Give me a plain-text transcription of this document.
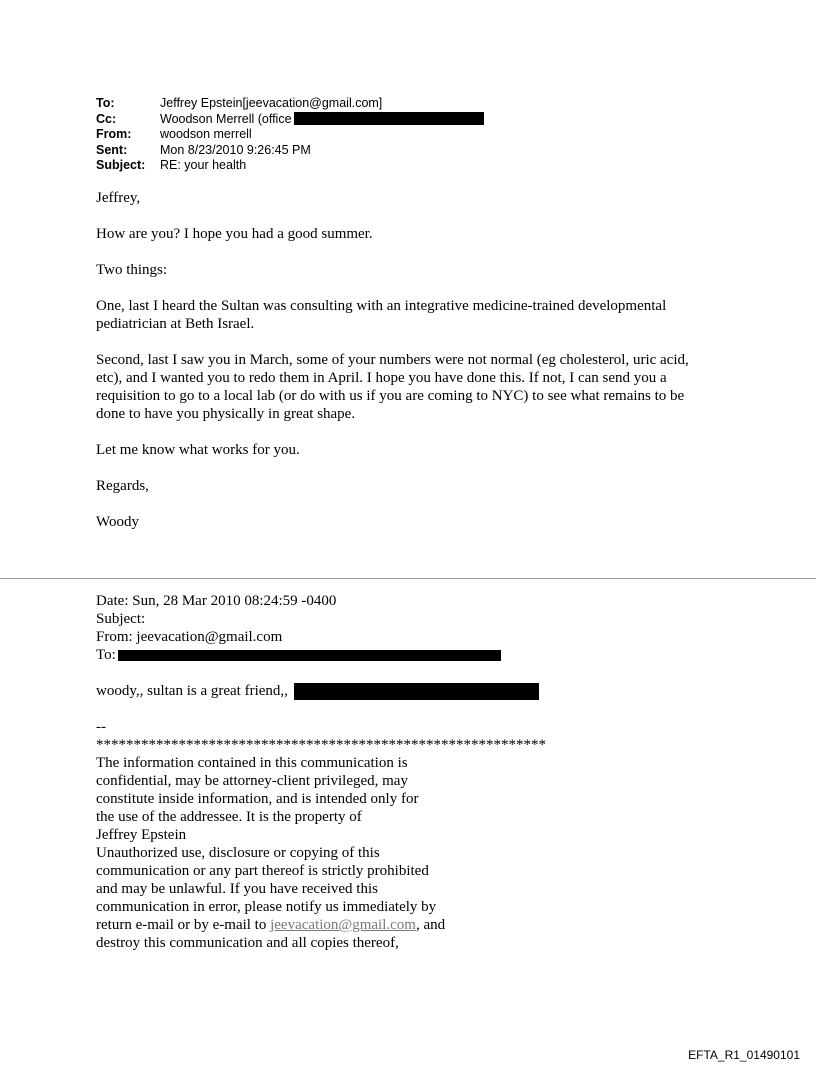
To:	Jeffrey Epstein[jeevacation@gmail.com]
Cc:	Woodson Merrell (office
From:	woodson merrell
Sent:	Mon 8/23/2010 9:26:45 PM
Subject:	RE: your health

Jeffrey,

How are you? I hope you had a good summer.

Two things:

One, last I heard the Sultan was consulting with an integrative medicine-trained developmental pediatrician at Beth Israel.

Second, last I saw you in March, some of your numbers were not normal (eg cholesterol, uric acid, etc), and I wanted you to redo them in April. I hope you have done this. If not, I can send you a requisition to go to a local lab (or do with us if you are coming to NYC) to see what remains to be done to have you physically in great shape.

Let me know what works for you.

Regards,

Woody

Date: Sun, 28 Mar 2010 08:24:59 -0400
Subject:
From: jeevacation@gmail.com
To:
woody,, sultan is a great friend,,
--
************************************************************
The information contained in this communication is
confidential, may be attorney-client privileged, may
constitute inside information, and is intended only for
the use of the addressee. It is the property of
Jeffrey Epstein
Unauthorized use, disclosure or copying of this
communication or any part thereof is strictly prohibited
and may be unlawful. If you have received this
communication in error, please notify us immediately by
return e-mail or by e-mail to jeevacation@gmail.com, and
destroy this communication and all copies thereof,
EFTA_R1_01490101
